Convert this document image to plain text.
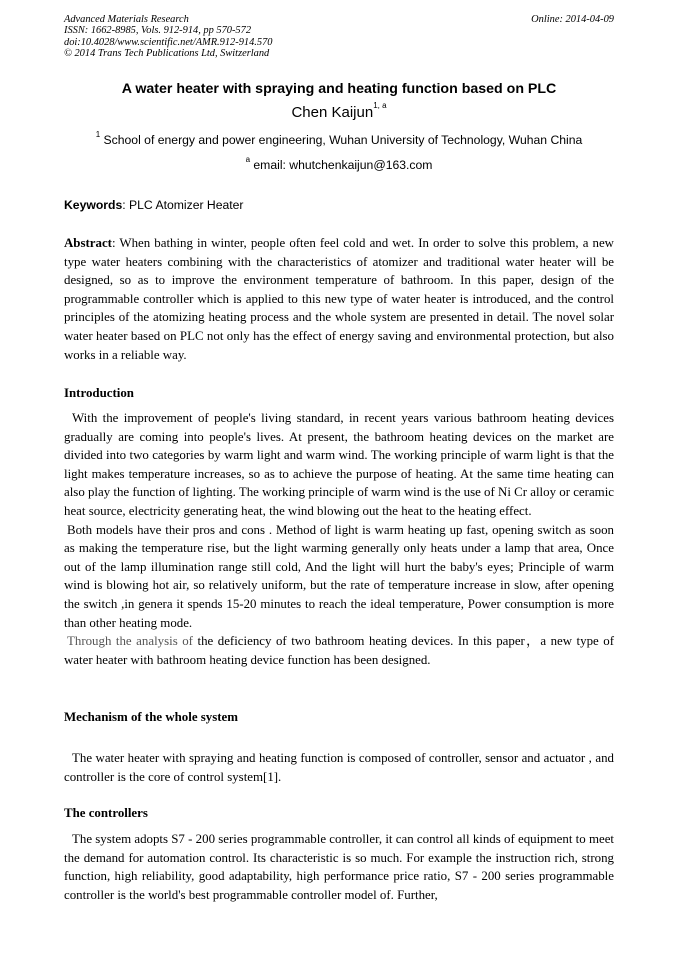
Advanced Materials Research
ISSN: 1662-8985, Vols. 912-914, pp 570-572
doi:10.4028/www.scientific.net/AMR.912-914.570
© 2014 Trans Tech Publications Ltd, Switzerland
Online: 2014-04-09
A water heater with spraying and heating function based on PLC
Chen Kaijun$^{1, a}$
$^1$ School of energy and power engineering, Wuhan University of Technology, Wuhan China
$^a$ email: whutchenkaijun@163.com
Keywords: PLC Atomizer Heater

Abstract: When bathing in winter, people often feel cold and wet. In order to solve this problem, a new type water heaters combining with the characteristics of atomizer and traditional water heater will be designed, so as to improve the environment temperature of bathroom. In this paper, design of the programmable controller which is applied to this new type of water heater is introduced, and the control principles of the atomizing heating process and the whole system are presented in detail. The novel solar water heater based on PLC not only has the effect of energy saving and environmental protection, but also works in a reliable way.

Introduction

With the improvement of people's living standard, in recent years various bathroom heating devices gradually are coming into people's lives. At present, the bathroom heating devices on the market are divided into two categories by warm light and warm wind. The working principle of warm light is that the light makes temperature increases, so as to achieve the purpose of heating. At the same time heating can also play the function of lighting. The working principle of warm wind is the use of Ni Cr alloy or ceramic heat source, electricity generating heat, the wind blowing out the heat to the heating effect.

Both models have their pros and cons . Method of light is warm heating up fast, opening switch as soon as making the temperature rise, but the light warming generally only heats under a lamp that area, Once out of the lamp illumination range still cold, And the light will hurt the baby's eyes; Principle of warm wind is blowing hot air, so relatively uniform, but the rate of temperature increase in slow, after opening the switch ,in genera it spends 15-20 minutes to reach the ideal temperature, Power consumption is more than other heating mode.

Through the analysis of the deficiency of two bathroom heating devices. In this paper，a new type of water heater with bathroom heating device function has been designed.

Mechanism of the whole system

The water heater with spraying and heating function is composed of controller, sensor and actuator , and controller is the core of control system[1].

The controllers

The system adopts S7 - 200 series programmable controller, it can control all kinds of equipment to meet the demand for automation control. Its characteristic is so much. For example the instruction rich, strong function, high reliability, good adaptability, high performance price ratio, S7 - 200 series programmable controller is the world's best programmable controller model of. Further,
